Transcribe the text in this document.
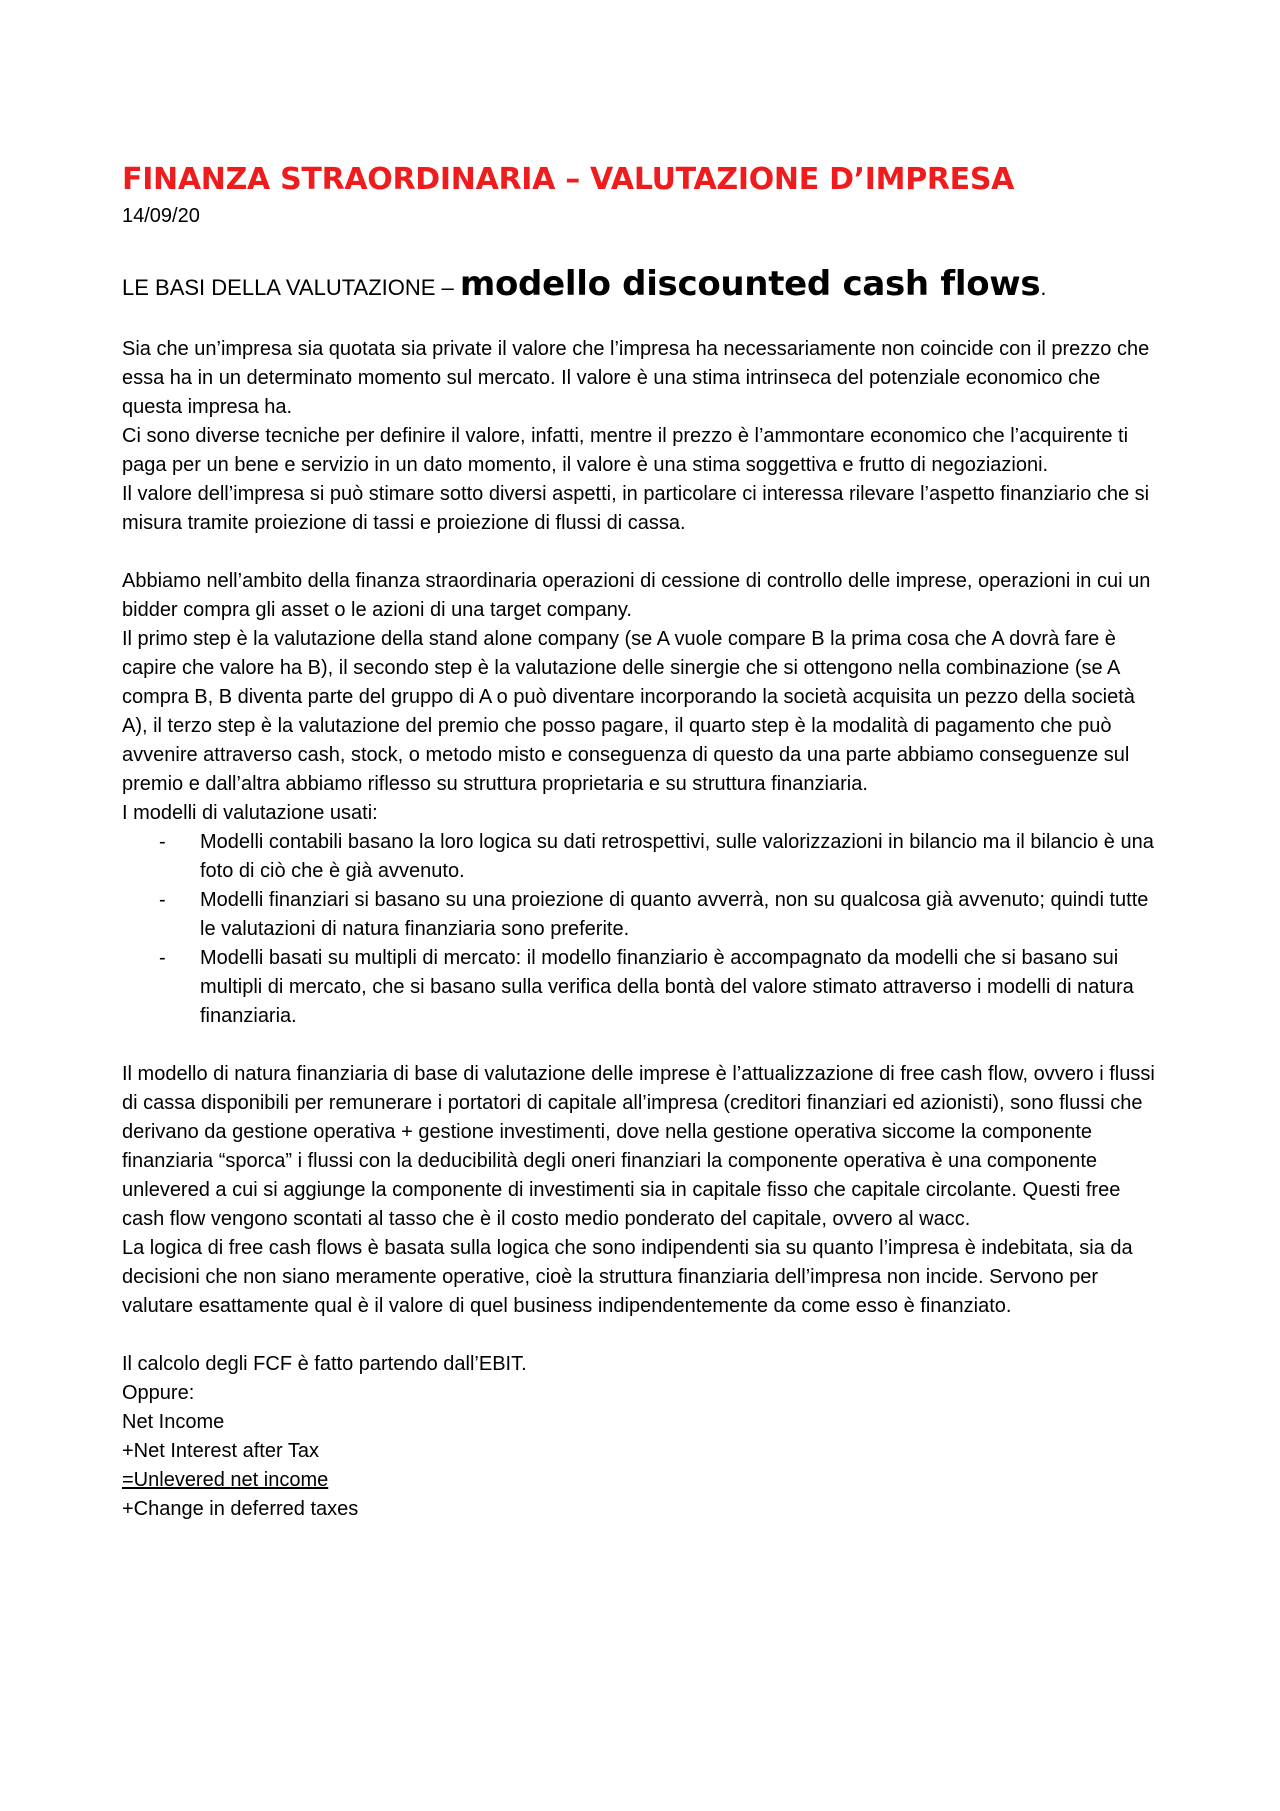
FINANZA STRAORDINARIA – VALUTAZIONE D’IMPRESA

14/09/20

LE BASI DELLA VALUTAZIONE – modello discounted cash flows.

Sia che un’impresa sia quotata sia private il valore che l’impresa ha necessariamente non coincide con il prezzo che essa ha in un determinato momento sul mercato. Il valore è una stima intrinseca del potenziale economico che questa impresa ha.

Ci sono diverse tecniche per definire il valore, infatti, mentre il prezzo è l’ammontare economico che l’acquirente ti paga per un bene e servizio in un dato momento, il valore è una stima soggettiva e frutto di negoziazioni.

Il valore dell’impresa si può stimare sotto diversi aspetti, in particolare ci interessa rilevare l’aspetto finanziario che si misura tramite proiezione di tassi e proiezione di flussi di cassa.

Abbiamo nell’ambito della finanza straordinaria operazioni di cessione di controllo delle imprese, operazioni in cui un bidder compra gli asset o le azioni di una target company.

Il primo step è la valutazione della stand alone company (se A vuole compare B la prima cosa che A dovrà fare è capire che valore ha B), il secondo step è la valutazione delle sinergie che si ottengono nella combinazione (se A compra B, B diventa parte del gruppo di A o può diventare incorporando la società acquisita un pezzo della società A), il terzo step è la valutazione del premio che posso pagare, il quarto step è la modalità di pagamento che può avvenire attraverso cash, stock, o metodo misto e conseguenza di questo da una parte abbiamo conseguenze sul premio e dall’altra abbiamo riflesso su struttura proprietaria e su struttura finanziaria.

I modelli di valutazione usati:

- Modelli contabili basano la loro logica su dati retrospettivi, sulle valorizzazioni in bilancio ma il bilancio è una foto di ciò che è già avvenuto.
- Modelli finanziari si basano su una proiezione di quanto avverrà, non su qualcosa già avvenuto; quindi tutte le valutazioni di natura finanziaria sono preferite.
- Modelli basati su multipli di mercato: il modello finanziario è accompagnato da modelli che si basano sui multipli di mercato, che si basano sulla verifica della bontà del valore stimato attraverso i modelli di natura finanziaria.

Il modello di natura finanziaria di base di valutazione delle imprese è l’attualizzazione di free cash flow, ovvero i flussi di cassa disponibili per remunerare i portatori di capitale all’impresa (creditori finanziari ed azionisti), sono flussi che derivano da gestione operativa + gestione investimenti, dove nella gestione operativa siccome la componente finanziaria “sporca” i flussi con la deducibilità degli oneri finanziari la componente operativa è una componente unlevered a cui si aggiunge la componente di investimenti sia in capitale fisso che capitale circolante. Questi free cash flow vengono scontati al tasso che è il costo medio ponderato del capitale, ovvero al wacc.

La logica di free cash flows è basata sulla logica che sono indipendenti sia su quanto l’impresa è indebitata, sia da decisioni che non siano meramente operative, cioè la struttura finanziaria dell’impresa non incide. Servono per valutare esattamente qual è il valore di quel business indipendentemente da come esso è finanziato.

Il calcolo degli FCF è fatto partendo dall’EBIT.

Oppure:

Net Income

+Net Interest after Tax

=Unlevered net income

+Change in deferred taxes
